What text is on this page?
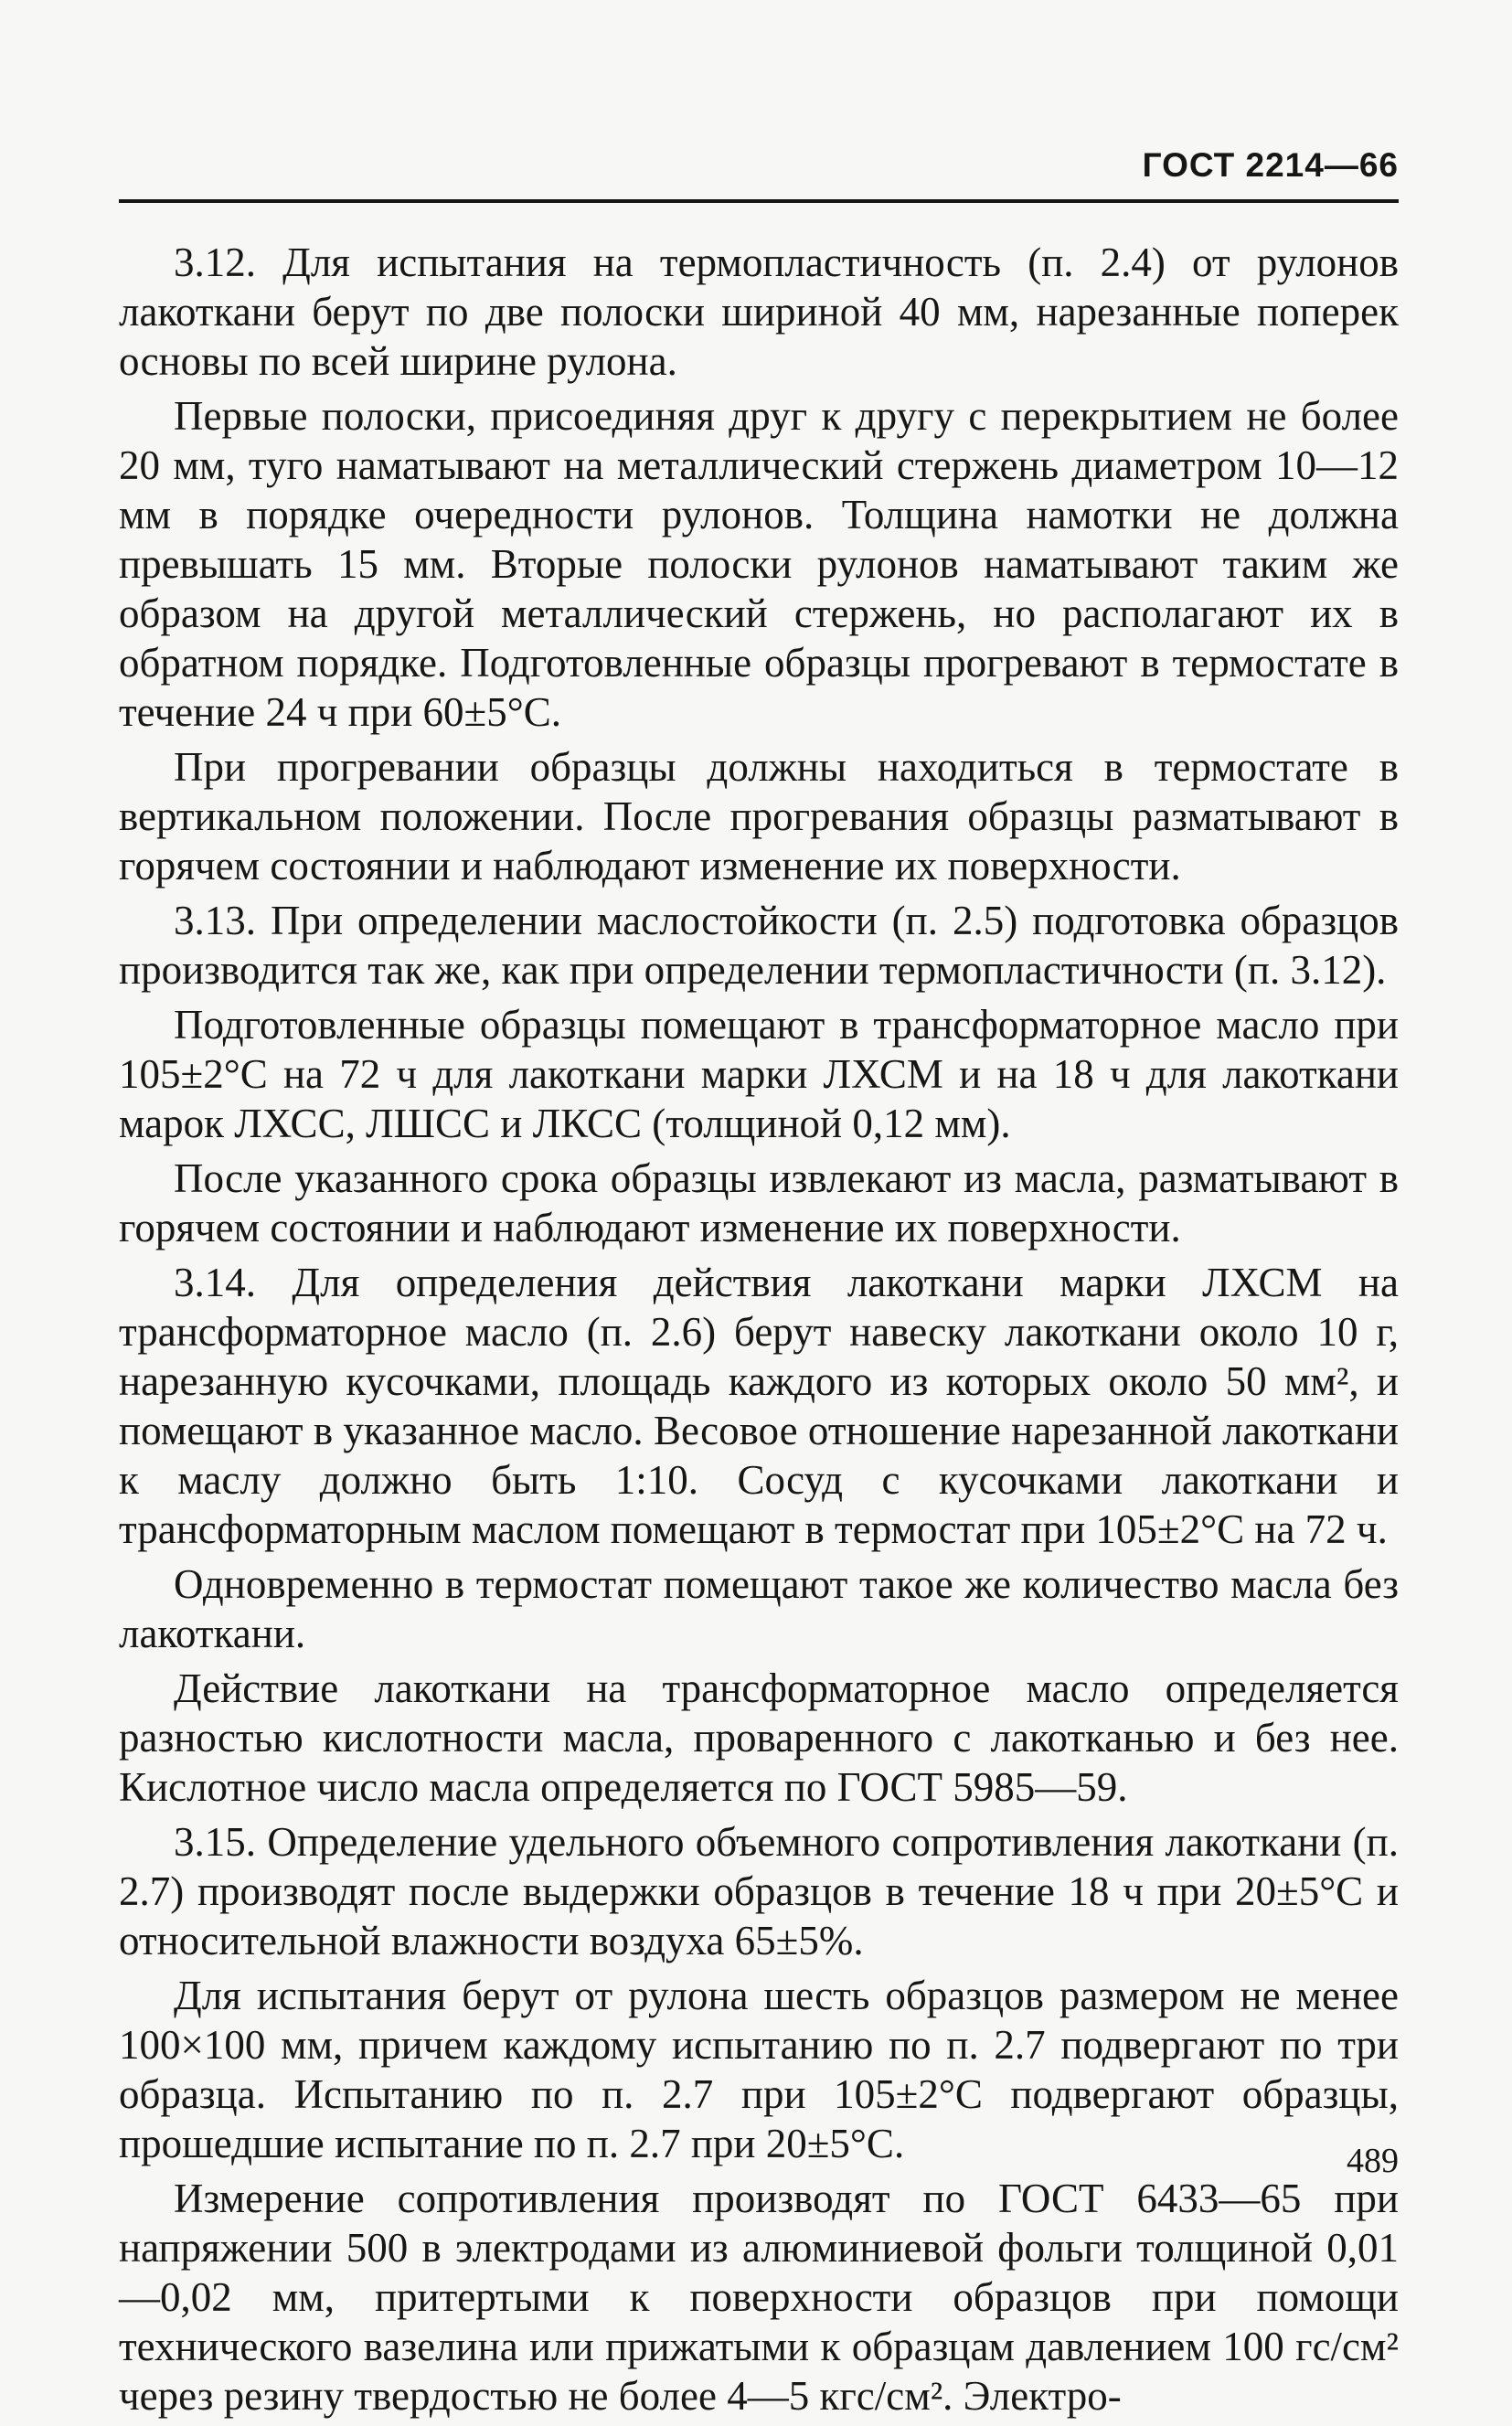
ГОСТ 2214—66

3.12. Для испытания на термопластичность (п. 2.4) от рулонов лакоткани берут по две полоски шириной 40 мм, нарезанные поперек основы по всей ширине рулона.

Первые полоски, присоединяя друг к другу с перекрытием не более 20 мм, туго наматывают на металлический стержень диаметром 10—12 мм в порядке очередности рулонов. Толщина намотки не должна превышать 15 мм. Вторые полоски рулонов наматывают таким же образом на другой металлический стержень, но располагают их в обратном порядке. Подготовленные образцы прогревают в термостате в течение 24 ч при 60±5°С.

При прогревании образцы должны находиться в термостате в вертикальном положении. После прогревания образцы разматывают в горячем состоянии и наблюдают изменение их поверхности.

3.13. При определении маслостойкости (п. 2.5) подготовка образцов производится так же, как при определении термопластичности (п. 3.12).

Подготовленные образцы помещают в трансформаторное масло при 105±2°С на 72 ч для лакоткани марки ЛХСМ и на 18 ч для лакоткани марок ЛХСС, ЛШСС и ЛКСС (толщиной 0,12 мм).

После указанного срока образцы извлекают из масла, разматывают в горячем состоянии и наблюдают изменение их поверхности.

3.14. Для определения действия лакоткани марки ЛХСМ на трансформаторное масло (п. 2.6) берут навеску лакоткани около 10 г, нарезанную кусочками, площадь каждого из которых около 50 мм², и помещают в указанное масло. Весовое отношение нарезанной лакоткани к маслу должно быть 1:10. Сосуд с кусочками лакоткани и трансформаторным маслом помещают в термостат при 105±2°С на 72 ч.

Одновременно в термостат помещают такое же количество масла без лакоткани.

Действие лакоткани на трансформаторное масло определяется разностью кислотности масла, проваренного с лакотканью и без нее. Кислотное число масла определяется по ГОСТ 5985—59.

3.15. Определение удельного объемного сопротивления лакоткани (п. 2.7) производят после выдержки образцов в течение 18 ч при 20±5°С и относительной влажности воздуха 65±5%.

Для испытания берут от рулона шесть образцов размером не менее 100×100 мм, причем каждому испытанию по п. 2.7 подвергают по три образца. Испытанию по п. 2.7 при 105±2°С подвергают образцы, прошедшие испытание по п. 2.7 при 20±5°С.

Измерение сопротивления производят по ГОСТ 6433—65 при напряжении 500 в электродами из алюминиевой фольги толщиной 0,01—0,02 мм, притертыми к поверхности образцов при помощи технического вазелина или прижатыми к образцам давлением 100 гс/см² через резину твердостью не более 4—5 кгс/см². Электро-

489
